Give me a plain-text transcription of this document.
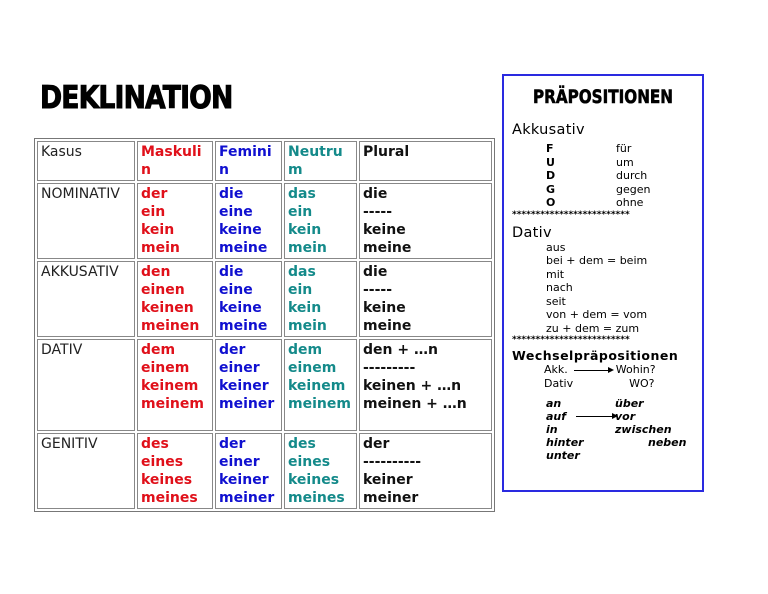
DEKLINATION
Kasus	Maskulin	Feminin	Neutrum	Plural
NOMINATIV	der
ein
kein
mein	die
eine
keine
meine	das
ein
kein
mein	die
-----
keine
meine

AKKUSATIV	den
einen
keinen
meinen	die
eine
keine
meine	das
ein
kein
mein	die
-----
keine
meine

DATIV	dem
einem
keinem
meinem	der
einer
keiner
meiner	dem
einem
keinem
meinem	den + …n
---------
keinen + …n
meinen + …n

GENITIV	des
eines
keines
meines	der
einer
keiner
meiner	des
eines
keines
meines	der
----------
keiner
meiner
PRÄPOSITIONEN
Akkusativ
F	für
U	um
D	durch
G	gegen
O	ohne
*************************
Dativ
aus
bei + dem = beim
mit
nach
seit
von + dem = vom
zu + dem = zum
*************************
Wechselpräpositionen
Akk.	Wohin?
Dativ	WO?
an	über
auf	vor
in	zwischen
hinter	neben
unter
